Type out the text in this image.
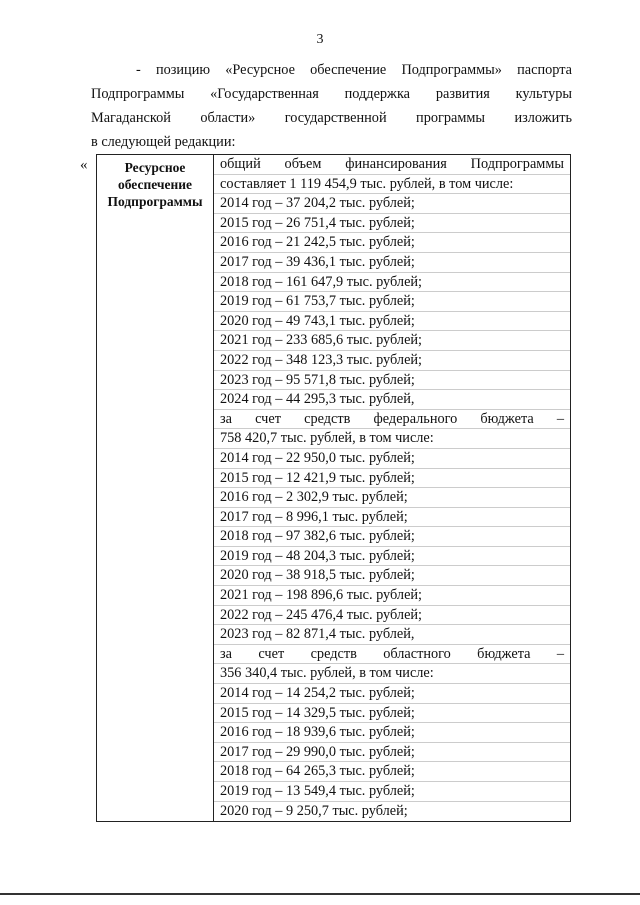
3
- позицию «Ресурсное обеспечение Подпрограммы» паспорта
Подпрограммы «Государственная поддержка развития культуры
Магаданской области» государственной программы изложить
в следующей редакции:
«	Ресурсное
обеспечение
Подпрограммы

общий объем финансирования Подпрограммы
составляет 1 119 454,9 тыс. рублей, в том числе:
2014 год – 37 204,2 тыс. рублей;
2015 год – 26 751,4 тыс. рублей;
2016 год – 21 242,5 тыс. рублей;
2017 год – 39 436,1 тыс. рублей;
2018 год – 161 647,9 тыс. рублей;
2019 год – 61 753,7 тыс. рублей;
2020 год – 49 743,1 тыс. рублей;
2021 год – 233 685,6 тыс. рублей;
2022 год – 348 123,3 тыс. рублей;
2023 год – 95 571,8 тыс. рублей;
2024 год – 44 295,3 тыс. рублей,
за счет средств федерального бюджета –
758 420,7 тыс. рублей, в том числе:
2014 год – 22 950,0 тыс. рублей;
2015 год – 12 421,9 тыс. рублей;
2016 год – 2 302,9 тыс. рублей;
2017 год – 8 996,1 тыс. рублей;
2018 год – 97 382,6 тыс. рублей;
2019 год – 48 204,3 тыс. рублей;
2020 год – 38 918,5 тыс. рублей;
2021 год – 198 896,6 тыс. рублей;
2022 год – 245 476,4 тыс. рублей;
2023 год – 82 871,4 тыс. рублей,
за счет средств областного бюджета –
356 340,4 тыс. рублей, в том числе:
2014 год – 14 254,2 тыс. рублей;
2015 год – 14 329,5 тыс. рублей;
2016 год – 18 939,6 тыс. рублей;
2017 год – 29 990,0 тыс. рублей;
2018 год – 64 265,3 тыс. рублей;
2019 год – 13 549,4 тыс. рублей;
2020 год – 9 250,7 тыс. рублей;
